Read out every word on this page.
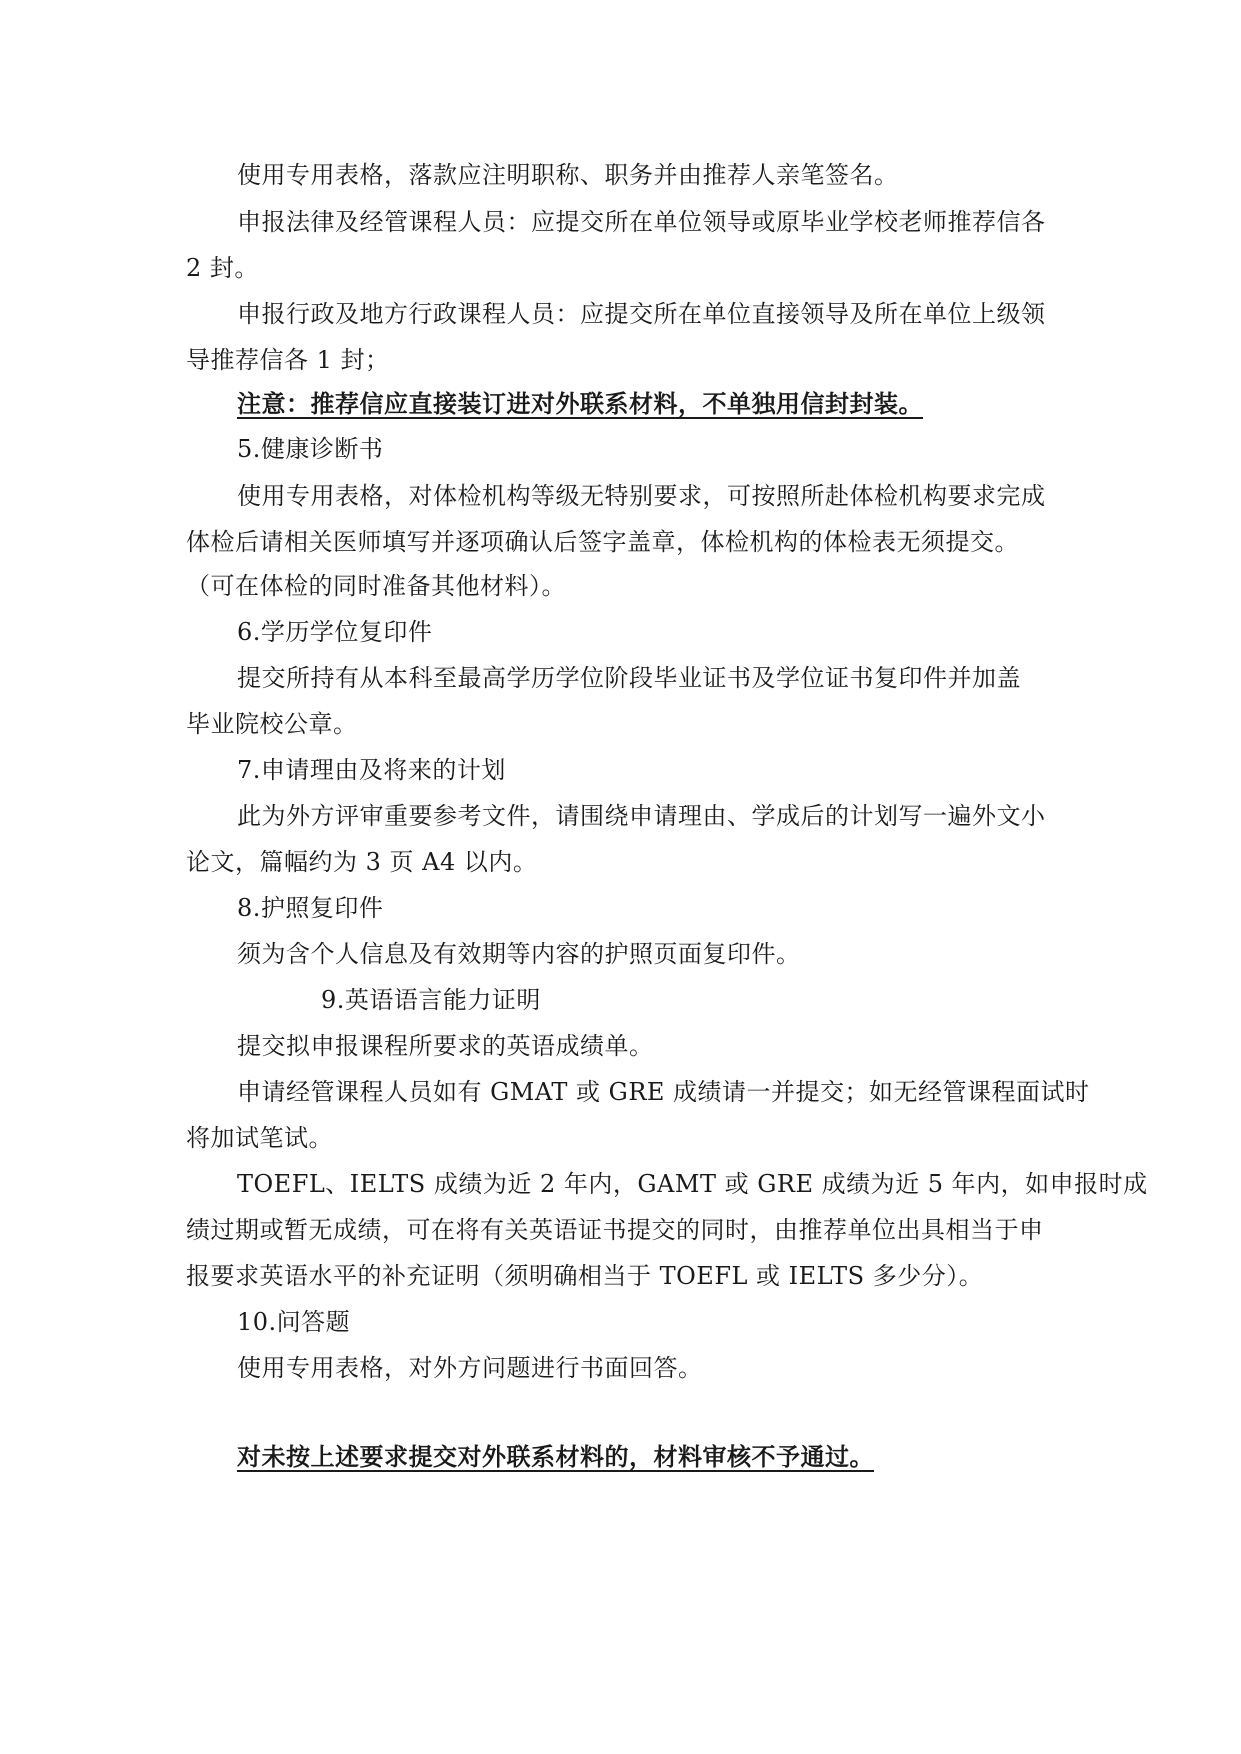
使用专用表格，落款应注明职称、职务并由推荐人亲笔签名。
申报法律及经管课程人员：应提交所在单位领导或原毕业学校老师推荐信各
2 封。
申报行政及地方行政课程人员：应提交所在单位直接领导及所在单位上级领
导推荐信各 1 封；
注意：推荐信应直接装订进对外联系材料，不单独用信封封装。
5.健康诊断书
使用专用表格，对体检机构等级无特别要求，可按照所赴体检机构要求完成
体检后请相关医师填写并逐项确认后签字盖章，体检机构的体检表无须提交。
（可在体检的同时准备其他材料）。
6.学历学位复印件
提交所持有从本科至最高学历学位阶段毕业证书及学位证书复印件并加盖
毕业院校公章。
7.申请理由及将来的计划
此为外方评审重要参考文件，请围绕申请理由、学成后的计划写一遍外文小
论文，篇幅约为 3 页 A4 以内。
8.护照复印件
须为含个人信息及有效期等内容的护照页面复印件。
9.英语语言能力证明
提交拟申报课程所要求的英语成绩单。
申请经管课程人员如有 GMAT 或 GRE 成绩请一并提交；如无经管课程面试时
将加试笔试。
TOEFL、IELTS 成绩为近 2 年内，GAMT 或 GRE 成绩为近 5 年内，如申报时成
绩过期或暂无成绩，可在将有关英语证书提交的同时，由推荐单位出具相当于申
报要求英语水平的补充证明（须明确相当于 TOEFL 或 IELTS 多少分）。
10.问答题
使用专用表格，对外方问题进行书面回答。
对未按上述要求提交对外联系材料的，材料审核不予通过。
